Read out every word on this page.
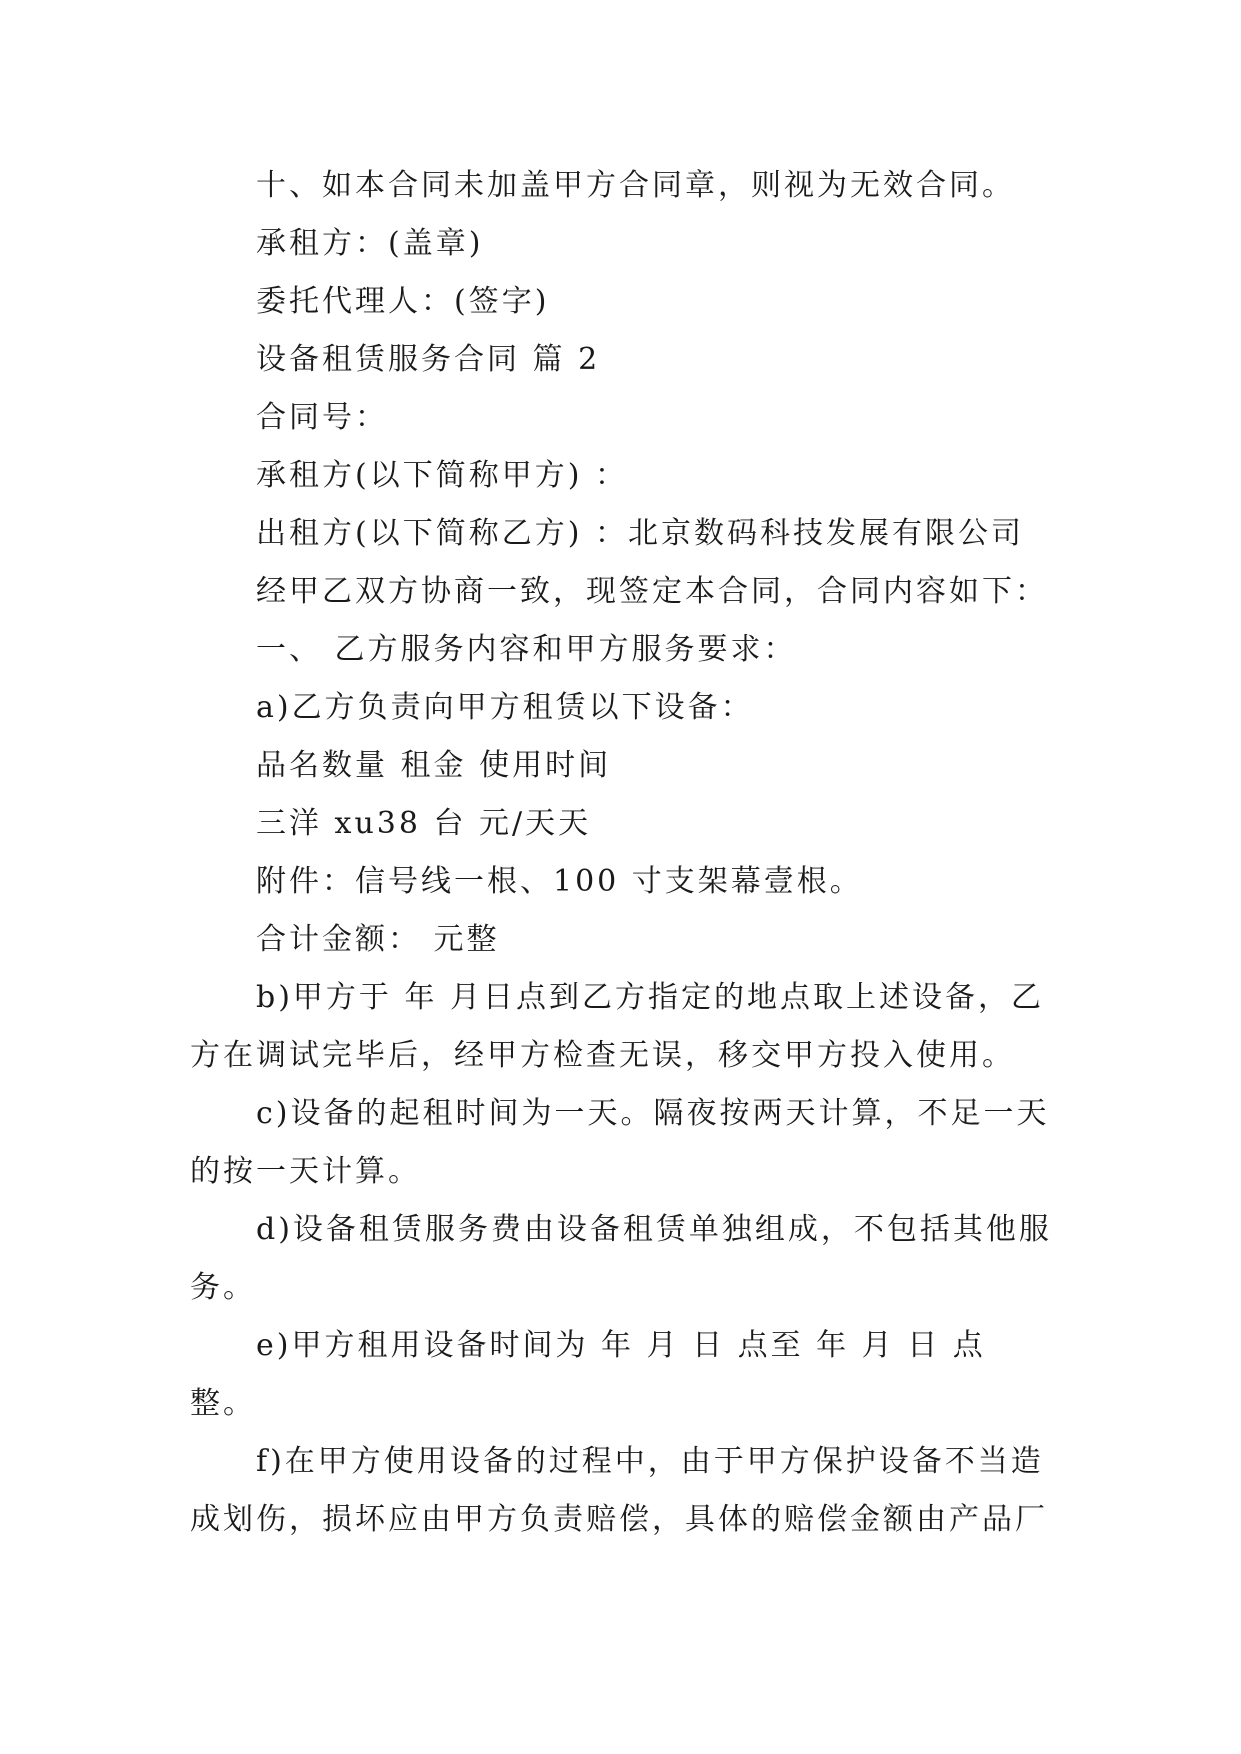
十、如本合同未加盖甲方合同章，则视为无效合同。
承租方：(盖章)
委托代理人：(签字)
设备租赁服务合同 篇 2
合同号：
承租方(以下简称甲方) ：
出租方(以下简称乙方) ：北京数码科技发展有限公司
经甲乙双方协商一致，现签定本合同，合同内容如下：
一、 乙方服务内容和甲方服务要求：
a)乙方负责向甲方租赁以下设备：
品名数量 租金 使用时间
三洋 xu38 台 元/天天
附件：信号线一根、100 寸支架幕壹根。
合计金额： 元整
b)甲方于 年 月日点到乙方指定的地点取上述设备，乙
方在调试完毕后，经甲方检查无误，移交甲方投入使用。
c)设备的起租时间为一天。隔夜按两天计算，不足一天
的按一天计算。
d)设备租赁服务费由设备租赁单独组成，不包括其他服
务。
e)甲方租用设备时间为 年 月 日 点至 年 月 日 点
整。
f)在甲方使用设备的过程中，由于甲方保护设备不当造
成划伤，损坏应由甲方负责赔偿，具体的赔偿金额由产品厂
